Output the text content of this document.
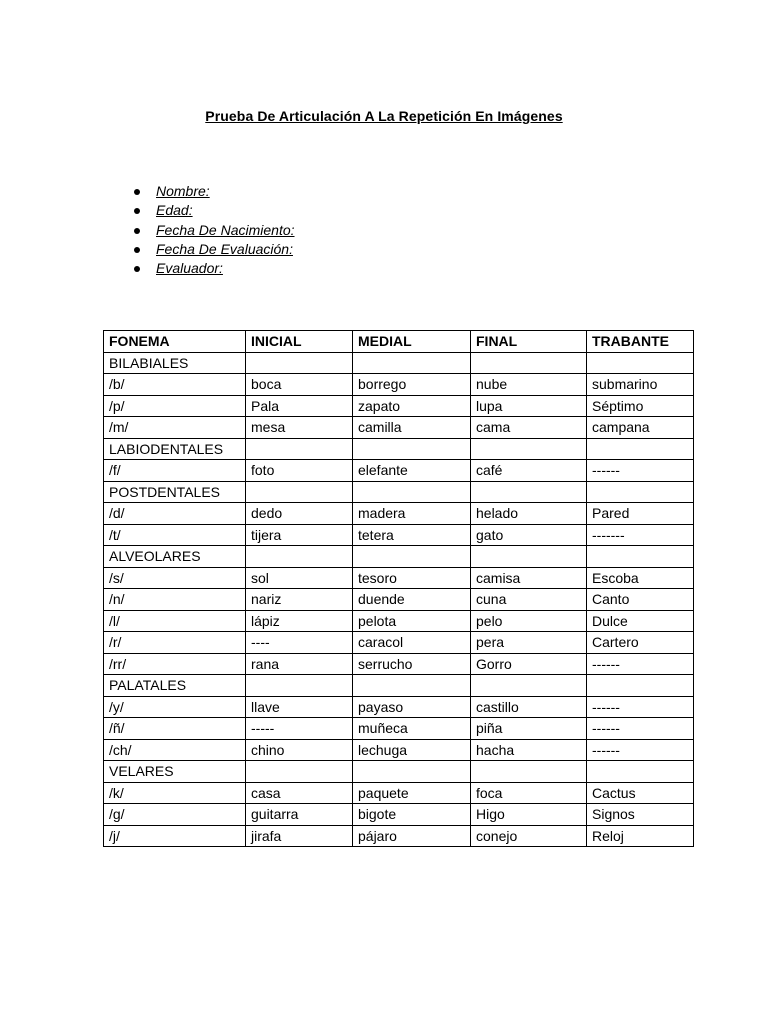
Prueba De Articulación A La Repetición En Imágenes
Nombre:
Edad:
Fecha De Nacimiento:
Fecha De Evaluación:
Evaluador:
FONEMA	INICIAL	MEDIAL	FINAL	TRABANTE
BILABIALES				
/b/	boca	borrego	nube	submarino
/p/	Pala	zapato	lupa	Séptimo
/m/	mesa	camilla	cama	campana
LABIODENTALES				
/f/	foto	elefante	café	------
POSTDENTALES				
/d/	dedo	madera	helado	Pared
/t/	tijera	tetera	gato	-------
ALVEOLARES				
/s/	sol	tesoro	camisa	Escoba
/n/	nariz	duende	cuna	Canto
/l/	lápiz	pelota	pelo	Dulce
/r/	----	caracol	pera	Cartero
/rr/	rana	serrucho	Gorro	------
PALATALES				
/y/	llave	payaso	castillo	------
/ñ/	-----	muñeca	piña	------
/ch/	chino	lechuga	hacha	------
VELARES				
/k/	casa	paquete	foca	Cactus
/g/	guitarra	bigote	Higo	Signos
/j/	jirafa	pájaro	conejo	Reloj
